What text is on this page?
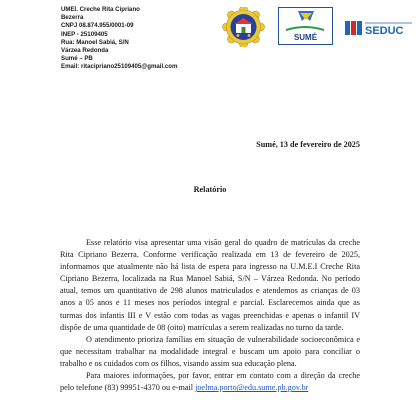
UMEI. Creche Rita Cipriano
Bezerra
CNPJ 08.874.955/0001-09
INEP - 25109405
Rua: Manoel Sabiá, S/N
Várzea Redonda
Sumé – PB
Email: ritacipriano25109405@gmail.com
SUMÉ
SEDUC
Sumé, 13 de fevereiro de 2025
Relatório

Esse relatório visa apresentar uma visão geral do quadro de matrículas da creche Rita Cipriano Bezerra. Conforme verificação realizada em 13 de fevereiro de 2025, informamos que atualmente não há lista de espera para ingresso na U.M.E.I Creche Rita Cipriano Bezerra, localizada na Rua Manoel Sabiá, S/N – Várzea Redonda. No período atual, temos um quantitativo de 298 alunos matriculados e atendemos as crianças de 03 anos a 05 anos e 11 meses nos períodos integral e parcial. Esclarecemos ainda que as turmas dos infantis III e V estão com todas as vagas preenchidas e apenas o infantil IV dispõe de uma quantidade de 08 (oito) matrículas a serem realizadas no turno da tarde.

O atendimento prioriza famílias em situação de vulnerabilidade socioeconômica e que necessitam trabalhar na modalidade integral e buscam um apoio para conciliar o trabalho e os cuidados com os filhos, visando assim sua educação plena.

Para maiores informações, por favor, entrar em contato com a direção da creche pelo telefone (83) 99951-4370 ou e-mail joelma.porto@edu.sume.pb.gov.br
